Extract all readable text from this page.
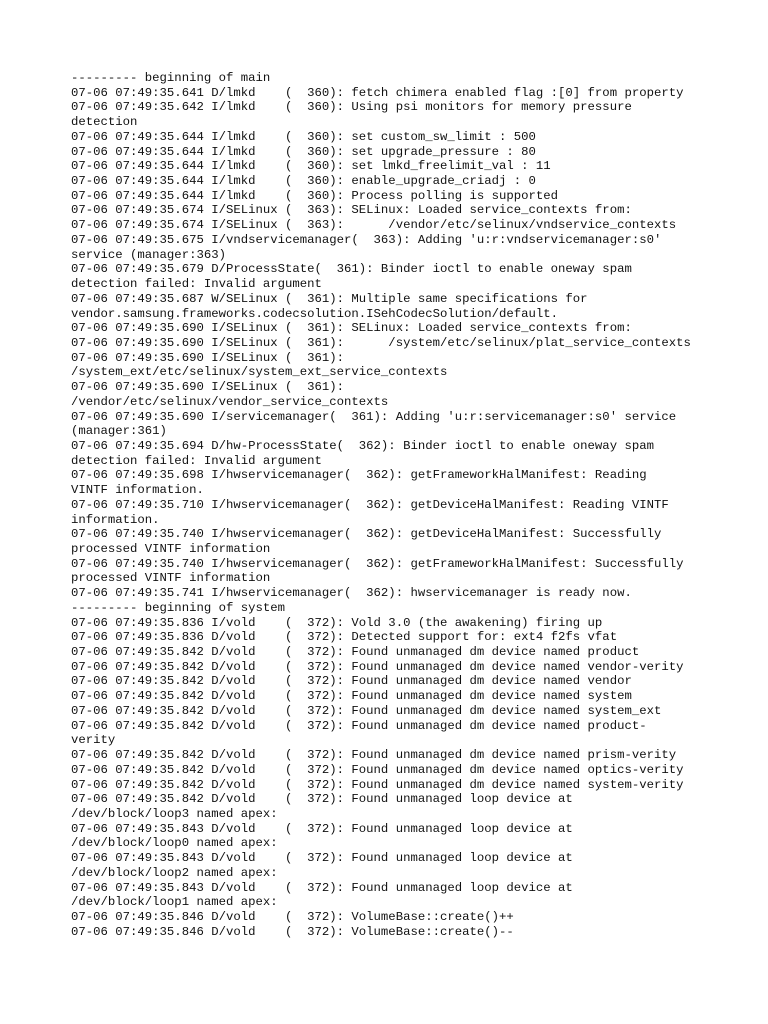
--------- beginning of main
07-06 07:49:35.641 D/lmkd    (  360): fetch chimera enabled flag :[0] from property
07-06 07:49:35.642 I/lmkd    (  360): Using psi monitors for memory pressure
detection
07-06 07:49:35.644 I/lmkd    (  360): set custom_sw_limit : 500
07-06 07:49:35.644 I/lmkd    (  360): set upgrade_pressure : 80
07-06 07:49:35.644 I/lmkd    (  360): set lmkd_freelimit_val : 11
07-06 07:49:35.644 I/lmkd    (  360): enable_upgrade_criadj : 0
07-06 07:49:35.644 I/lmkd    (  360): Process polling is supported
07-06 07:49:35.674 I/SELinux (  363): SELinux: Loaded service_contexts from:
07-06 07:49:35.674 I/SELinux (  363):      /vendor/etc/selinux/vndservice_contexts
07-06 07:49:35.675 I/vndservicemanager(  363): Adding 'u:r:vndservicemanager:s0'
service (manager:363)
07-06 07:49:35.679 D/ProcessState(  361): Binder ioctl to enable oneway spam
detection failed: Invalid argument
07-06 07:49:35.687 W/SELinux (  361): Multiple same specifications for
vendor.samsung.frameworks.codecsolution.ISehCodecSolution/default.
07-06 07:49:35.690 I/SELinux (  361): SELinux: Loaded service_contexts from:
07-06 07:49:35.690 I/SELinux (  361):      /system/etc/selinux/plat_service_contexts
07-06 07:49:35.690 I/SELinux (  361):
/system_ext/etc/selinux/system_ext_service_contexts
07-06 07:49:35.690 I/SELinux (  361):
/vendor/etc/selinux/vendor_service_contexts
07-06 07:49:35.690 I/servicemanager(  361): Adding 'u:r:servicemanager:s0' service
(manager:361)
07-06 07:49:35.694 D/hw-ProcessState(  362): Binder ioctl to enable oneway spam
detection failed: Invalid argument
07-06 07:49:35.698 I/hwservicemanager(  362): getFrameworkHalManifest: Reading
VINTF information.
07-06 07:49:35.710 I/hwservicemanager(  362): getDeviceHalManifest: Reading VINTF
information.
07-06 07:49:35.740 I/hwservicemanager(  362): getDeviceHalManifest: Successfully
processed VINTF information
07-06 07:49:35.740 I/hwservicemanager(  362): getFrameworkHalManifest: Successfully
processed VINTF information
07-06 07:49:35.741 I/hwservicemanager(  362): hwservicemanager is ready now.
--------- beginning of system
07-06 07:49:35.836 I/vold    (  372): Vold 3.0 (the awakening) firing up
07-06 07:49:35.836 D/vold    (  372): Detected support for: ext4 f2fs vfat
07-06 07:49:35.842 D/vold    (  372): Found unmanaged dm device named product
07-06 07:49:35.842 D/vold    (  372): Found unmanaged dm device named vendor-verity
07-06 07:49:35.842 D/vold    (  372): Found unmanaged dm device named vendor
07-06 07:49:35.842 D/vold    (  372): Found unmanaged dm device named system
07-06 07:49:35.842 D/vold    (  372): Found unmanaged dm device named system_ext
07-06 07:49:35.842 D/vold    (  372): Found unmanaged dm device named product-
verity
07-06 07:49:35.842 D/vold    (  372): Found unmanaged dm device named prism-verity
07-06 07:49:35.842 D/vold    (  372): Found unmanaged dm device named optics-verity
07-06 07:49:35.842 D/vold    (  372): Found unmanaged dm device named system-verity
07-06 07:49:35.842 D/vold    (  372): Found unmanaged loop device at
/dev/block/loop3 named apex:
07-06 07:49:35.843 D/vold    (  372): Found unmanaged loop device at
/dev/block/loop0 named apex:
07-06 07:49:35.843 D/vold    (  372): Found unmanaged loop device at
/dev/block/loop2 named apex:
07-06 07:49:35.843 D/vold    (  372): Found unmanaged loop device at
/dev/block/loop1 named apex:
07-06 07:49:35.846 D/vold    (  372): VolumeBase::create()++
07-06 07:49:35.846 D/vold    (  372): VolumeBase::create()--
